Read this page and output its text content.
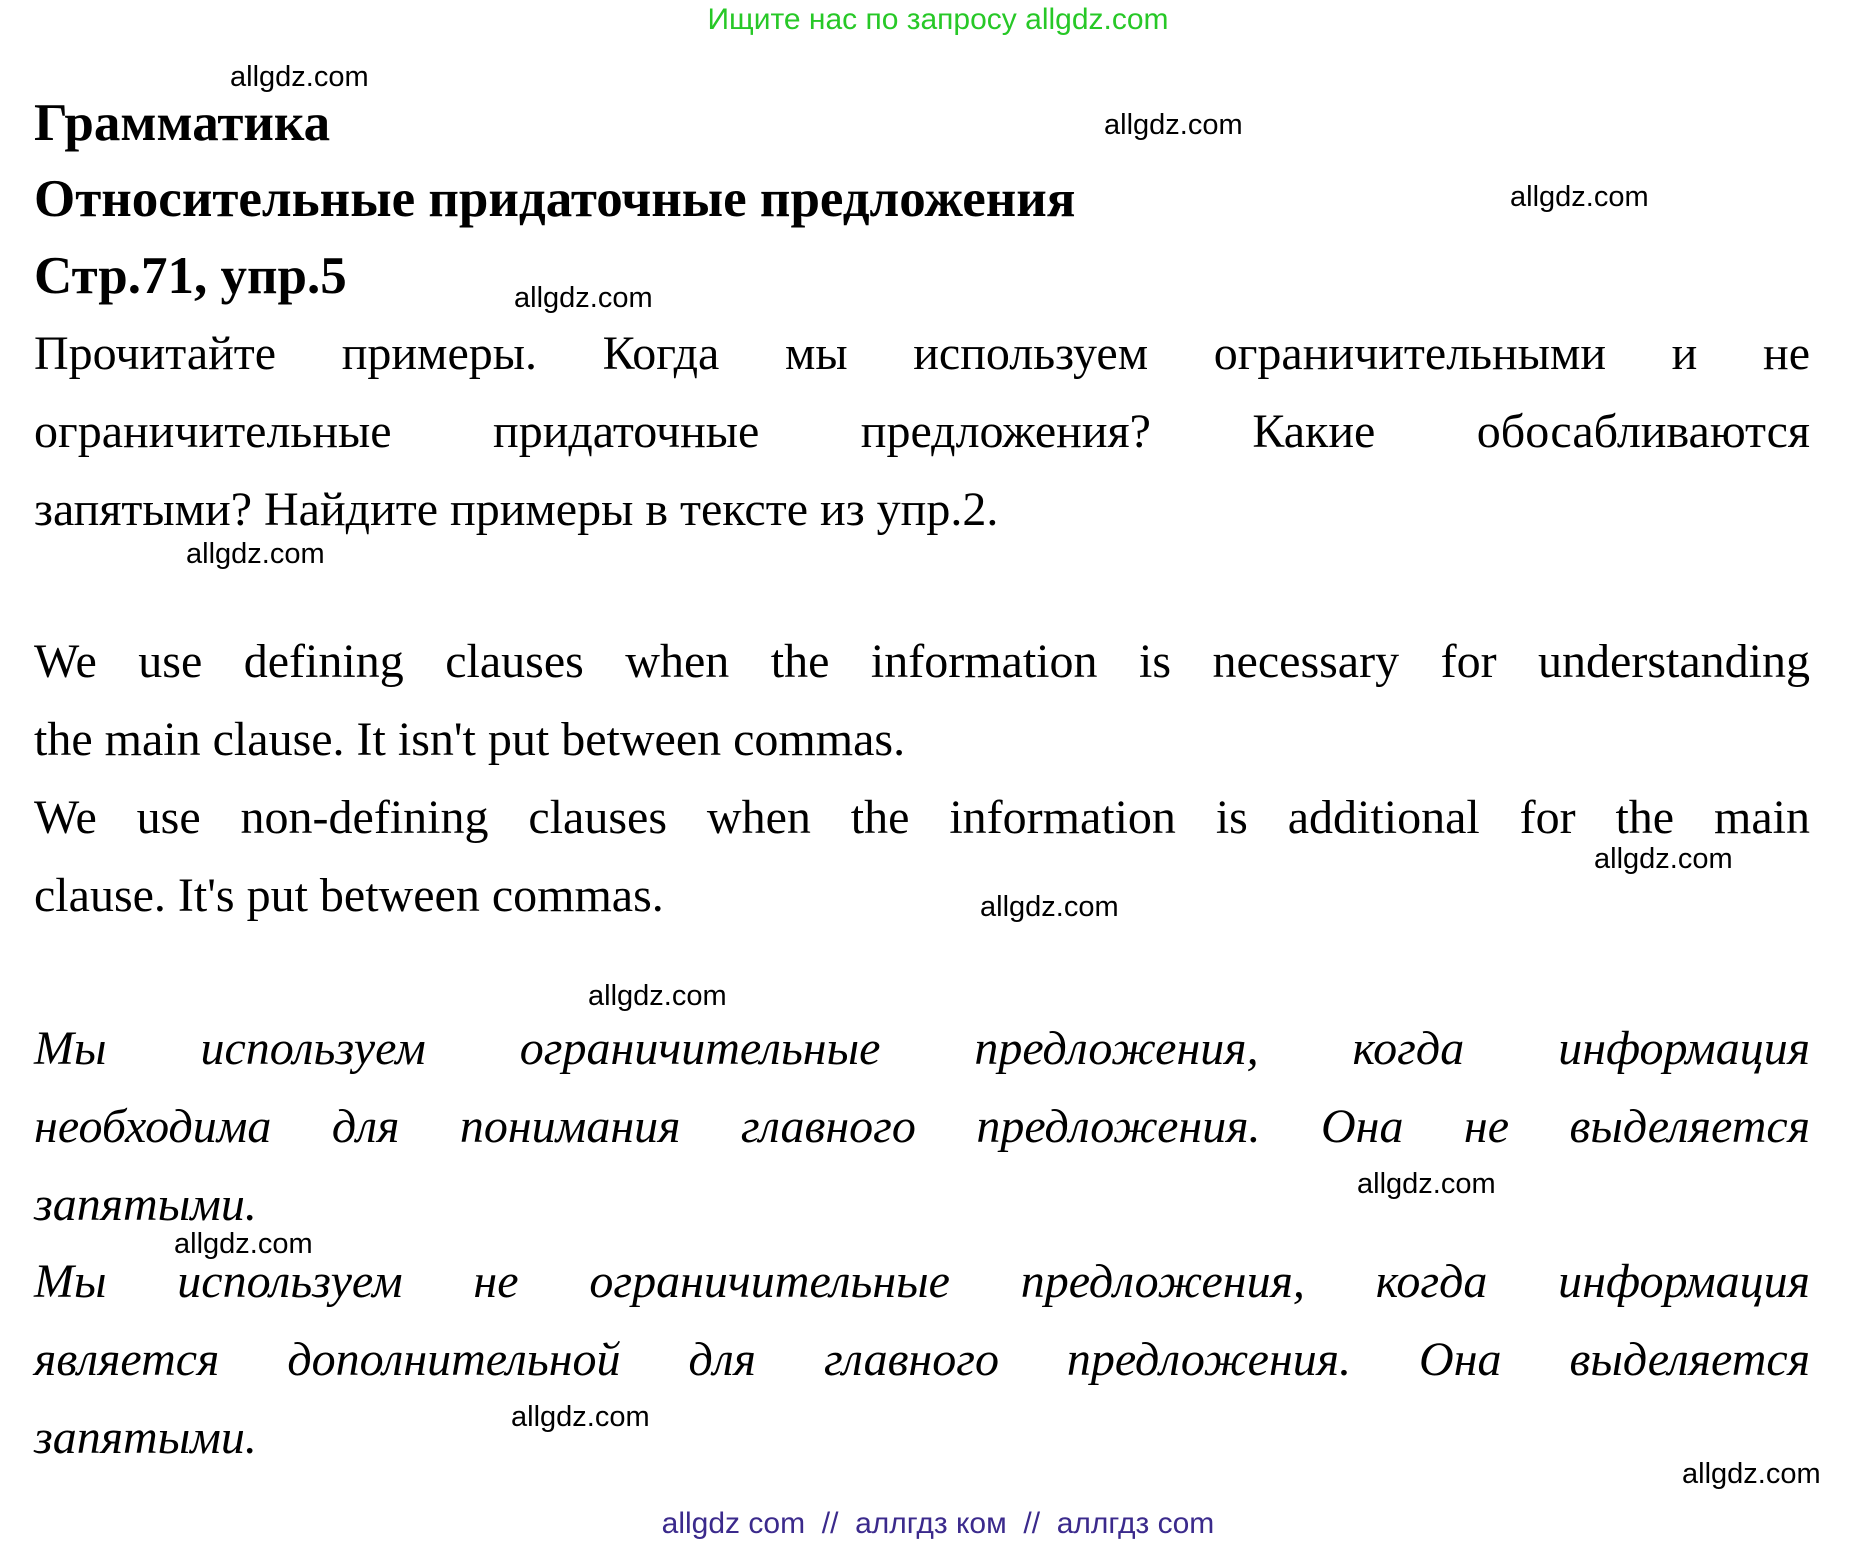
Ищите нас по запросу allgdz.com
allgdz.com
Грамматика	allgdz.com
Относительные придаточные предложения	allgdz.com
Стр.71, упр.5	allgdz.com
Прочитайте примеры. Когда мы используем ограничительными и не
ограничительные придаточные предложения? Какие обосабливаются
запятыми? Найдите примеры в тексте из упр.2.
allgdz.com
We use defining clauses when the information is necessary for understanding
the main clause. It isn't put between commas.
We use non-defining clauses when the information is additional for the main
clause. It's put between commas.
allgdz.com
allgdz.com
allgdz.com
Мы используем ограничительные предложения, когда информация
необходима для понимания главного предложения. Она не выделяется
запятыми.	allgdz.com
allgdz.com
Мы используем не ограничительные предложения, когда информация
является дополнительной для главного предложения. Она выделяется
запятыми.	allgdz.com
allgdz.com
allgdz com  //  аллгдз ком  //  аллгдз com
